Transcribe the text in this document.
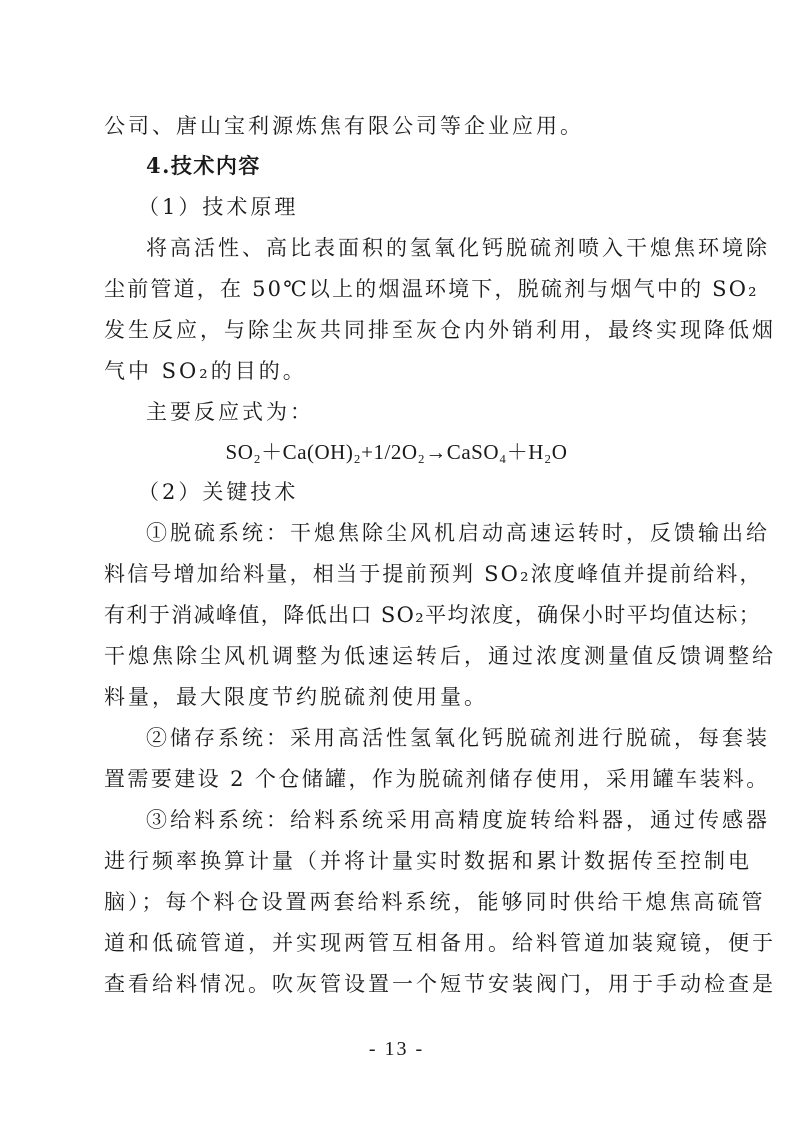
公司、唐山宝利源炼焦有限公司等企业应用。
4.技术内容
（1）技术原理
将高活性、高比表面积的氢氧化钙脱硫剂喷入干熄焦环境除
尘前管道，在 50℃以上的烟温环境下，脱硫剂与烟气中的 SO₂
发生反应，与除尘灰共同排至灰仓内外销利用，最终实现降低烟
气中 SO₂的目的。
主要反应式为：
SO₂＋Ca(OH)₂+1/2O₂→CaSO₄＋H₂O
（2）关键技术
①脱硫系统：干熄焦除尘风机启动高速运转时，反馈输出给
料信号增加给料量，相当于提前预判 SO₂浓度峰值并提前给料，
有利于消减峰值，降低出口 SO₂平均浓度，确保小时平均值达标；
干熄焦除尘风机调整为低速运转后，通过浓度测量值反馈调整给
料量，最大限度节约脱硫剂使用量。
②储存系统：采用高活性氢氧化钙脱硫剂进行脱硫，每套装
置需要建设 2 个仓储罐，作为脱硫剂储存使用，采用罐车装料。
③给料系统：给料系统采用高精度旋转给料器，通过传感器
进行频率换算计量（并将计量实时数据和累计数据传至控制电
脑）；每个料仓设置两套给料系统，能够同时供给干熄焦高硫管
道和低硫管道，并实现两管互相备用。给料管道加装窥镜，便于
查看给料情况。吹灰管设置一个短节安装阀门，用于手动检查是
- 13 -
